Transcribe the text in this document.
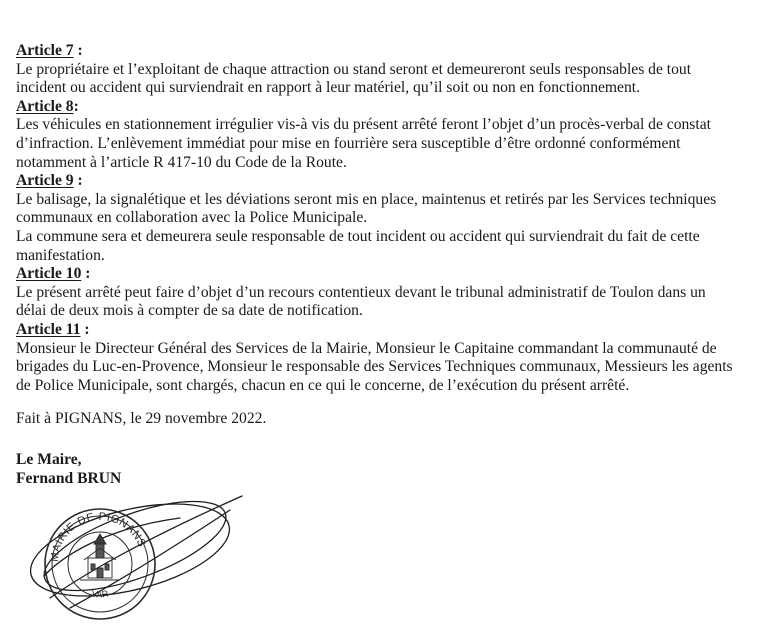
Article 7 :

Le propriétaire et l’exploitant de chaque attraction ou stand seront et demeureront seuls responsables de tout

incident ou accident qui surviendrait en rapport à leur matériel, qu’il soit ou non en fonctionnement.

Article 8:

Les véhicules en stationnement irrégulier vis-à vis du présent arrêté feront l’objet d’un procès-verbal de constat

d’infraction. L’enlèvement immédiat pour mise en fourrière sera susceptible d’être ordonné conformément

notamment à l’article R 417-10 du Code de la Route.

Article 9 :

Le balisage, la signalétique et les déviations seront mis en place, maintenus et retirés par les Services techniques

communaux en collaboration avec la Police Municipale.

La commune sera et demeurera seule responsable de tout incident ou accident qui surviendrait du fait de cette

manifestation.

Article 10 :

Le présent arrêté peut faire d’objet d’un recours contentieux devant le tribunal administratif de Toulon dans un

délai de deux mois à compter de sa date de notification.

Article 11 :

Monsieur le Directeur Général des Services de la Mairie, Monsieur le Capitaine commandant la communauté de

brigades du Luc-en-Provence, Monsieur le responsable des Services Techniques communaux, Messieurs les agents

de Police Municipale, sont chargés, chacun en ce qui le concerne, de l’exécution du présent arrêté.

Fait à PIGNANS, le 29 novembre 2022.
Le Maire,
Fernand BRUN
MAIRIE DE PIGNANS
VAR
